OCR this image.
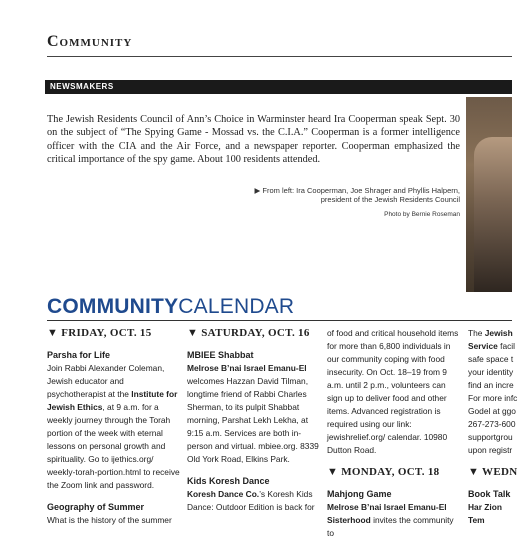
Community
NEWSMAKERS

The Jewish Residents Council of Ann’s Choice in Warminster heard Ira Cooperman speak Sept. 30 on the subject of “The Spying Game - Mossad vs. the C.I.A.” Cooperman is a former intelligence officer with the CIA and the Air Force, and a newspaper reporter. Cooperman emphasized the critical importance of the spy game. About 100 residents attended.

▶ From left: Ira Cooperman, Joe Shrager and Phyllis Halpern,
president of the Jewish Residents Council

Photo by Bernie Roseman

COMMUNITYCALENDAR

▼ FRIDAY, OCT. 15

Parsha for Life

Join Rabbi Alexander Coleman, Jewish educator and psychotherapist at the Institute for Jewish Ethics, at 9 a.m. for a weekly journey through the Torah portion of the week with eternal lessons on personal growth and spirituality. Go to ijethics.org/ weekly-torah-portion.html to receive the Zoom link and password.

Geography of Summer

What is the history of the summer

▼ SATURDAY, OCT. 16

MBIEE Shabbat

Melrose B’nai Israel Emanu-El
welcomes Hazzan David Tilman, longtime friend of Rabbi Charles Sherman, to its pulpit Shabbat morning, Parshat Lekh Lekha, at 9:15 a.m. Services are both in-person and virtual. mbiee.org. 8339 Old York Road, Elkins Park.

Kids Koresh Dance

Koresh Dance Co.’s Koresh Kids Dance: Outdoor Edition is back for

of food and critical household items for more than 6,800 individuals in our community coping with food insecurity. On Oct. 18–19 from 9 a.m. until 2 p.m., volunteers can sign up to deliver food and other items. Advanced registration is required using our link: jewishrelief.org/ calendar. 10980 Dutton Road.

▼ MONDAY, OCT. 18

Mahjong Game

Melrose B’nai Israel Emanu-El Sisterhood invites the community to

The Jewish Service facil safe space t your identity find an incre For more infc Godel at ggo 267-273-600 supportgrou upon registr

▼ WEDN

Book Talk

Har Zion Tem
